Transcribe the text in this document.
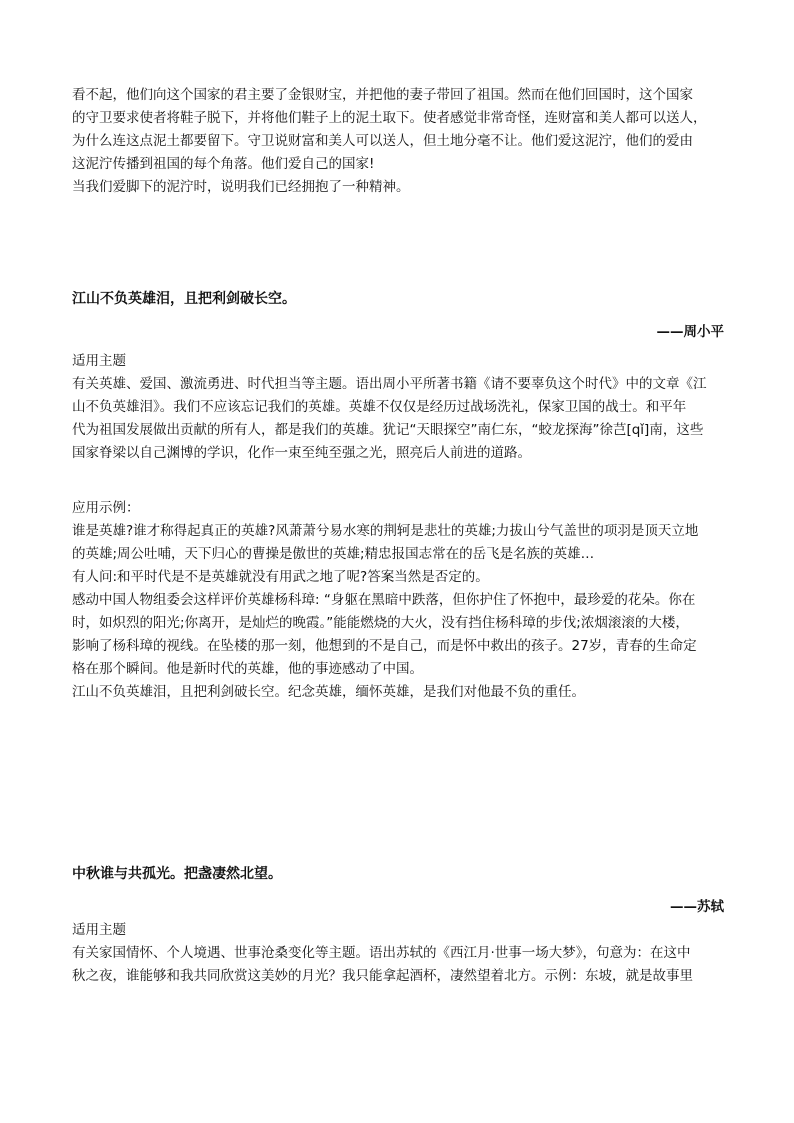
看不起，他们向这个国家的君主要了金银财宝，并把他的妻子带回了祖国。然而在他们回国时，这个国家

的守卫要求使者将鞋子脱下，并将他们鞋子上的泥土取下。使者感觉非常奇怪，连财富和美人都可以送人，

为什么连这点泥土都要留下。守卫说财富和美人可以送人，但土地分毫不让。他们爱这泥泞，他们的爱由

这泥泞传播到祖国的每个角落。他们爱自己的国家!

当我们爱脚下的泥泞时，说明我们已经拥抱了一种精神。

江山不负英雄泪，且把利剑破长空。

——周小平

适用主题

有关英雄、爱国、激流勇进、时代担当等主题。语出周小平所著书籍《请不要辜负这个时代》中的文章《江

山不负英雄泪》。我们不应该忘记我们的英雄。英雄不仅仅是经历过战场洗礼，保家卫国的战士。和平年

代为祖国发展做出贡献的所有人，都是我们的英雄。犹记“天眼探空”南仁东，“蛟龙探海”徐芑[qǐ]南，这些

国家脊梁以自己渊博的学识，化作一束至纯至强之光，照亮后人前进的道路。

应用示例：

谁是英雄?谁才称得起真正的英雄?风萧萧兮易水寒的荆轲是悲壮的英雄;力拔山兮气盖世的项羽是顶天立地

的英雄;周公吐哺，天下归心的曹操是傲世的英雄;精忠报国志常在的岳飞是名族的英雄…

有人问:和平时代是不是英雄就没有用武之地了呢?答案当然是否定的。

感动中国人物组委会这样评价英雄杨科璋: “身躯在黑暗中跌落，但你护住了怀抱中，最珍爱的花朵。你在

时，如炽烈的阳光;你离开，是灿烂的晚霞。”能能燃烧的大火，没有挡住杨科璋的步伐;浓烟滚滚的大楼，

影响了杨科璋的视线。在坠楼的那一刻，他想到的不是自己，而是怀中救出的孩子。27岁，青春的生命定

格在那个瞬间。他是新时代的英雄，他的事迹感动了中国。

江山不负英雄泪，且把利剑破长空。纪念英雄，缅怀英雄，是我们对他最不负的重任。

中秋谁与共孤光。把盏凄然北望。

——苏轼

适用主题

有关家国情怀、个人境遇、世事沧桑变化等主题。语出苏轼的《西江月·世事一场大梦》，句意为：在这中

秋之夜，谁能够和我共同欣赏这美妙的月光？我只能拿起酒杯，凄然望着北方。示例：东坡，就是故事里
